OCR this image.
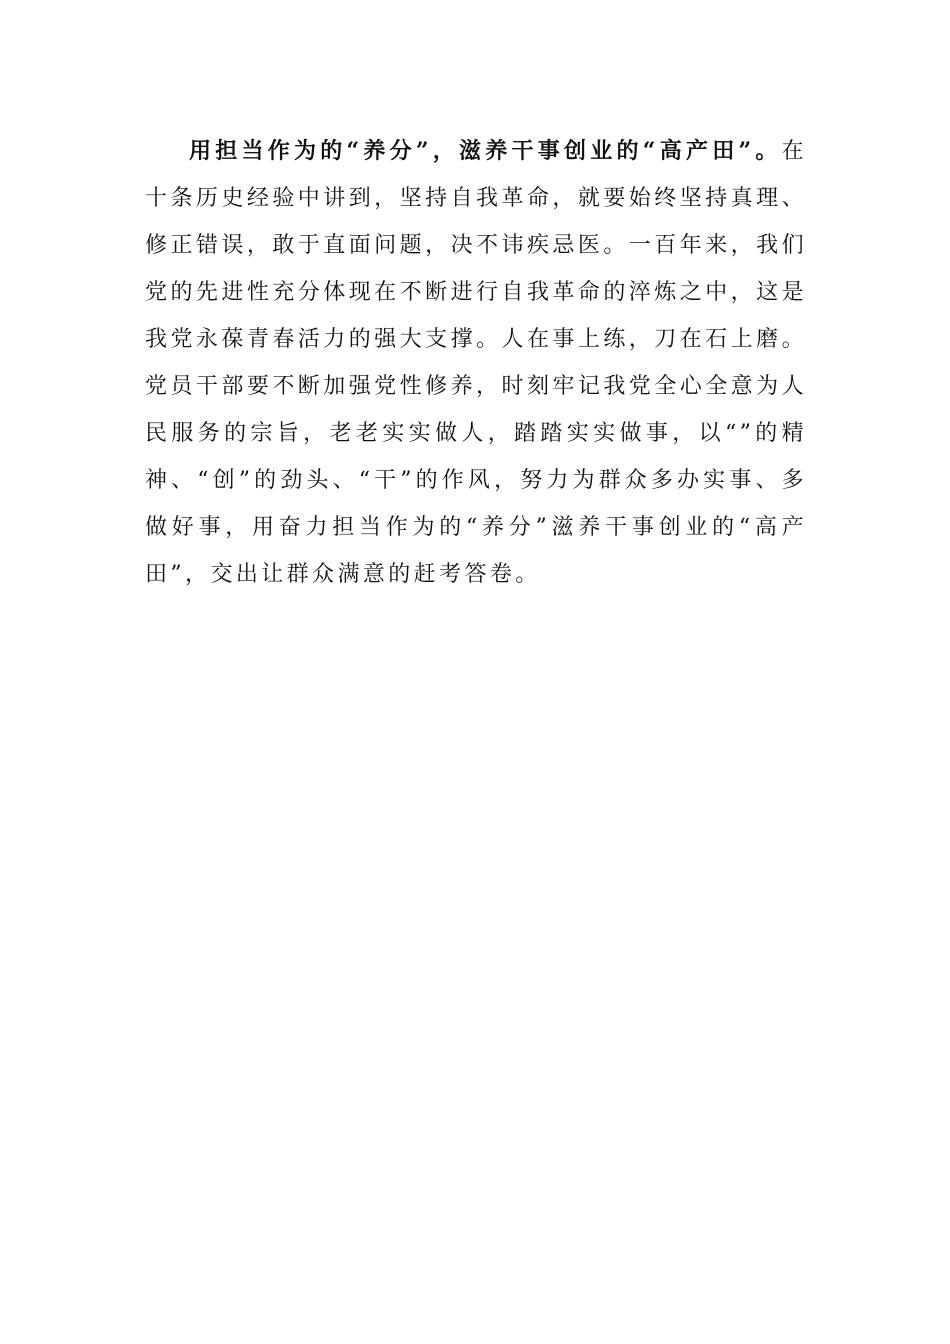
用担当作为的“养分”，滋养干事创业的“高产田”。在十条历史经验中讲到，坚持自我革命，就要始终坚持真理、修正错误，敢于直面问题，决不讳疾忌医。一百年来，我们党的先进性充分体现在不断进行自我革命的淬炼之中，这是我党永葆青春活力的强大支撑。人在事上练，刀在石上磨。党员干部要不断加强党性修养，时刻牢记我党全心全意为人民服务的宗旨，老老实实做人，踏踏实实做事，以“”的精神、“创”的劲头、“干”的作风，努力为群众多办实事、多做好事，用奋力担当作为的“养分”滋养干事创业的“高产田”，交出让群众满意的赶考答卷。
